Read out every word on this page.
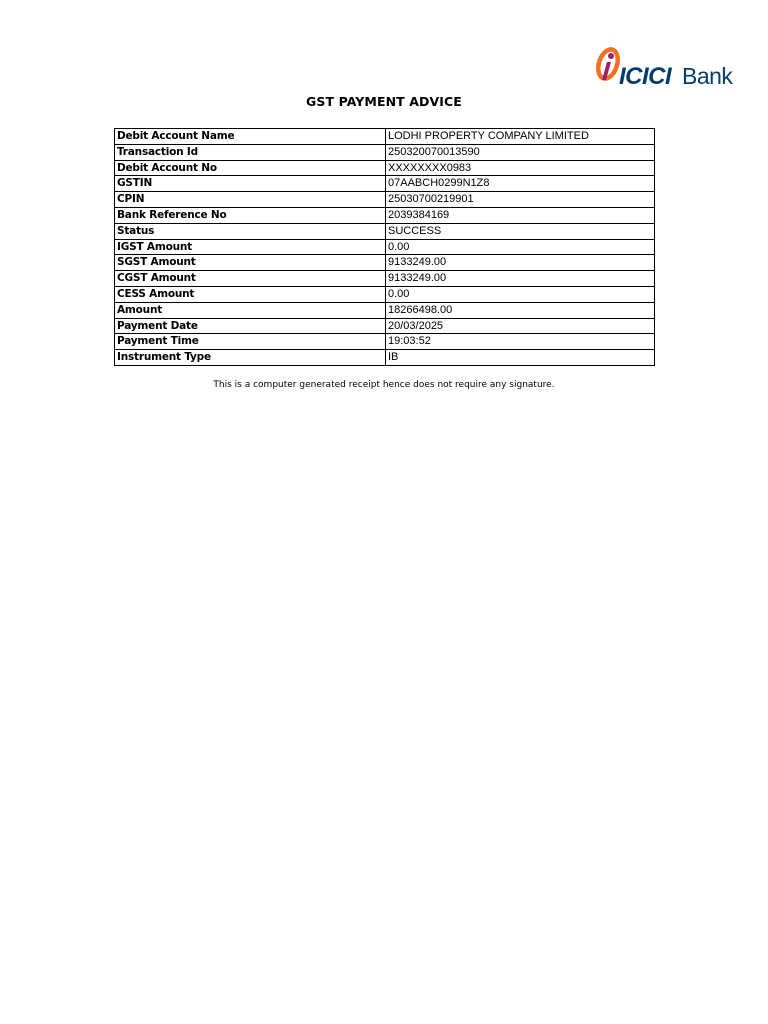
ICICI Bank
GST PAYMENT ADVICE
Debit Account Name	LODHI PROPERTY COMPANY LIMITED
Transaction Id	250320070013590
Debit Account No	XXXXXXXX0983
GSTIN	07AABCH0299N1Z8
CPIN	25030700219901
Bank Reference No	2039384169
Status	SUCCESS
IGST Amount	0.00
SGST Amount	9133249.00
CGST Amount	9133249.00
CESS Amount	0.00
Amount	18266498.00
Payment Date	20/03/2025
Payment Time	19:03:52
Instrument Type	IB
This is a computer generated receipt hence does not require any signature.
